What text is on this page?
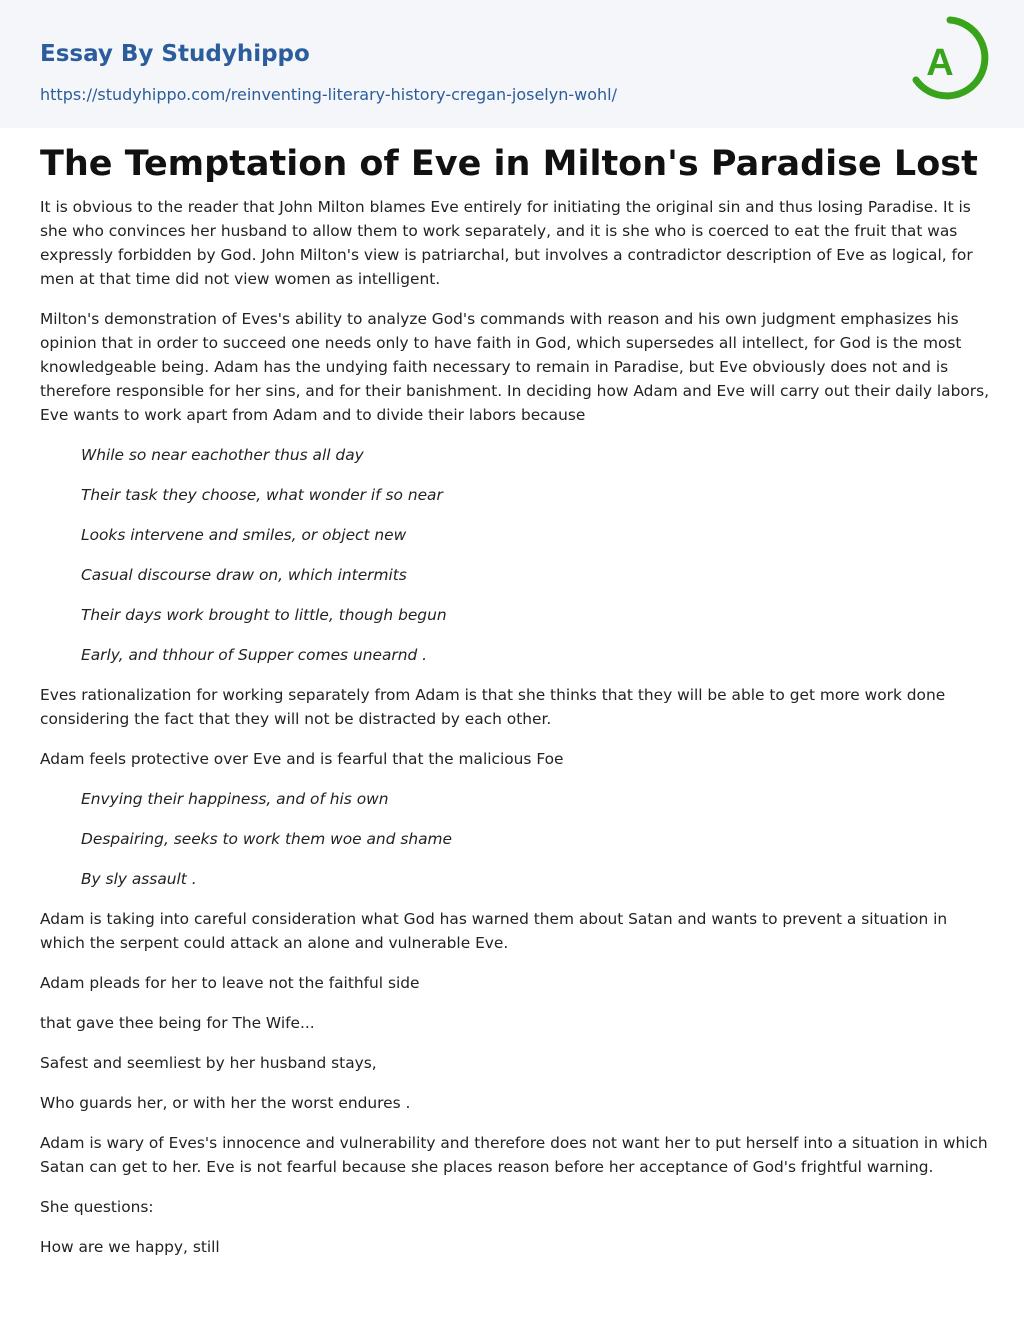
Essay By Studyhippo
https://studyhippo.com/reinventing-literary-history-cregan-joselyn-wohl/
A
The Temptation of Eve in Milton's Paradise Lost

It is obvious to the reader that John Milton blames Eve entirely for initiating the original sin and thus losing Paradise. It is she who convinces her husband to allow them to work separately, and it is she who is coerced to eat the fruit that was expressly forbidden by God. John Milton's view is patriarchal, but involves a contradictor description of Eve as logical, for men at that time did not view women as intelligent.

Milton's demonstration of Eves's ability to analyze God's commands with reason and his own judgment emphasizes his opinion that in order to succeed one needs only to have faith in God, which supersedes all intellect, for God is the most knowledgeable being. Adam has the undying faith necessary to remain in Paradise, but Eve obviously does not and is therefore responsible for her sins, and for their banishment. In deciding how Adam and Eve will carry out their daily labors, Eve wants to work apart from Adam and to divide their labors because

While so near eachother thus all day

Their task they choose, what wonder if so near

Looks intervene and smiles, or object new

Casual discourse draw on, which intermits

Their days work brought to little, though begun

Early, and thhour of Supper comes unearnd .

Eves rationalization for working separately from Adam is that she thinks that they will be able to get more work done considering the fact that they will not be distracted by each other.

Adam feels protective over Eve and is fearful that the malicious Foe

Envying their happiness, and of his own

Despairing, seeks to work them woe and shame

By sly assault .

Adam is taking into careful consideration what God has warned them about Satan and wants to prevent a situation in which the serpent could attack an alone and vulnerable Eve.

Adam pleads for her to leave not the faithful side

that gave thee being for The Wife...

Safest and seemliest by her husband stays,

Who guards her, or with her the worst endures .

Adam is wary of Eves's innocence and vulnerability and therefore does not want her to put herself into a situation in which Satan can get to her. Eve is not fearful because she places reason before her acceptance of God's frightful warning.

She questions:

How are we happy, still
